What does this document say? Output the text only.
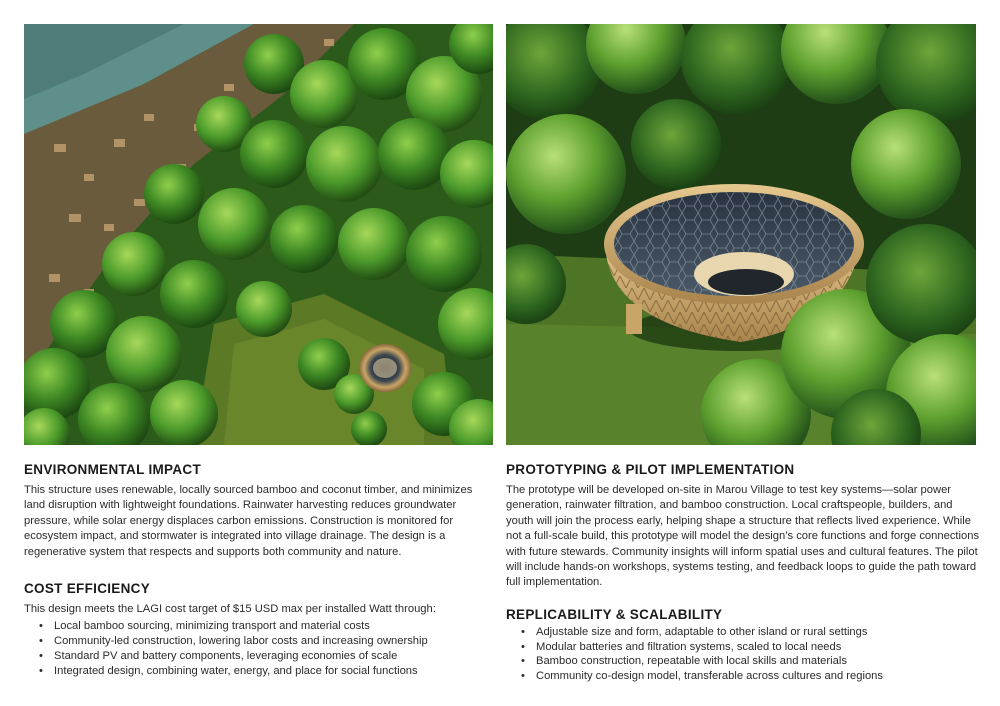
ENVIRONMENTAL IMPACT

This structure uses renewable, locally sourced bamboo and coconut timber, and minimizes land disruption with lightweight foundations. Rainwater harvesting reduces groundwater pressure, while solar energy displaces carbon emissions. Construction is monitored for ecosystem impact, and stormwater is integrated into village drainage. The design is a regenerative system that respects and supports both community and nature.

COST EFFICIENCY

This design meets the LAGI cost target of $15 USD max per installed Watt through:

• Local bamboo sourcing, minimizing transport and material costs
• Community-led construction, lowering labor costs and increasing ownership
• Standard PV and battery components, leveraging economies of scale
• Integrated design, combining water, energy, and place for social functions
PROTOTYPING & PILOT IMPLEMENTATION

The prototype will be developed on-site in Marou Village to test key systems—solar power generation, rainwater filtration, and bamboo construction. Local craftspeople, builders, and youth will join the process early, helping shape a structure that reflects lived experience. While not a full-scale build, this prototype will model the design’s core functions and forge connections with future stewards. Community insights will inform spatial uses and cultural features. The pilot will include hands-on workshops, systems testing, and feedback loops to guide the path toward full implementation.

REPLICABILITY & SCALABILITY
• Adjustable size and form, adaptable to other island or rural settings
• Modular batteries and filtration systems, scaled to local needs
• Bamboo construction, repeatable with local skills and materials
• Community co-design model, transferable across cultures and regions
